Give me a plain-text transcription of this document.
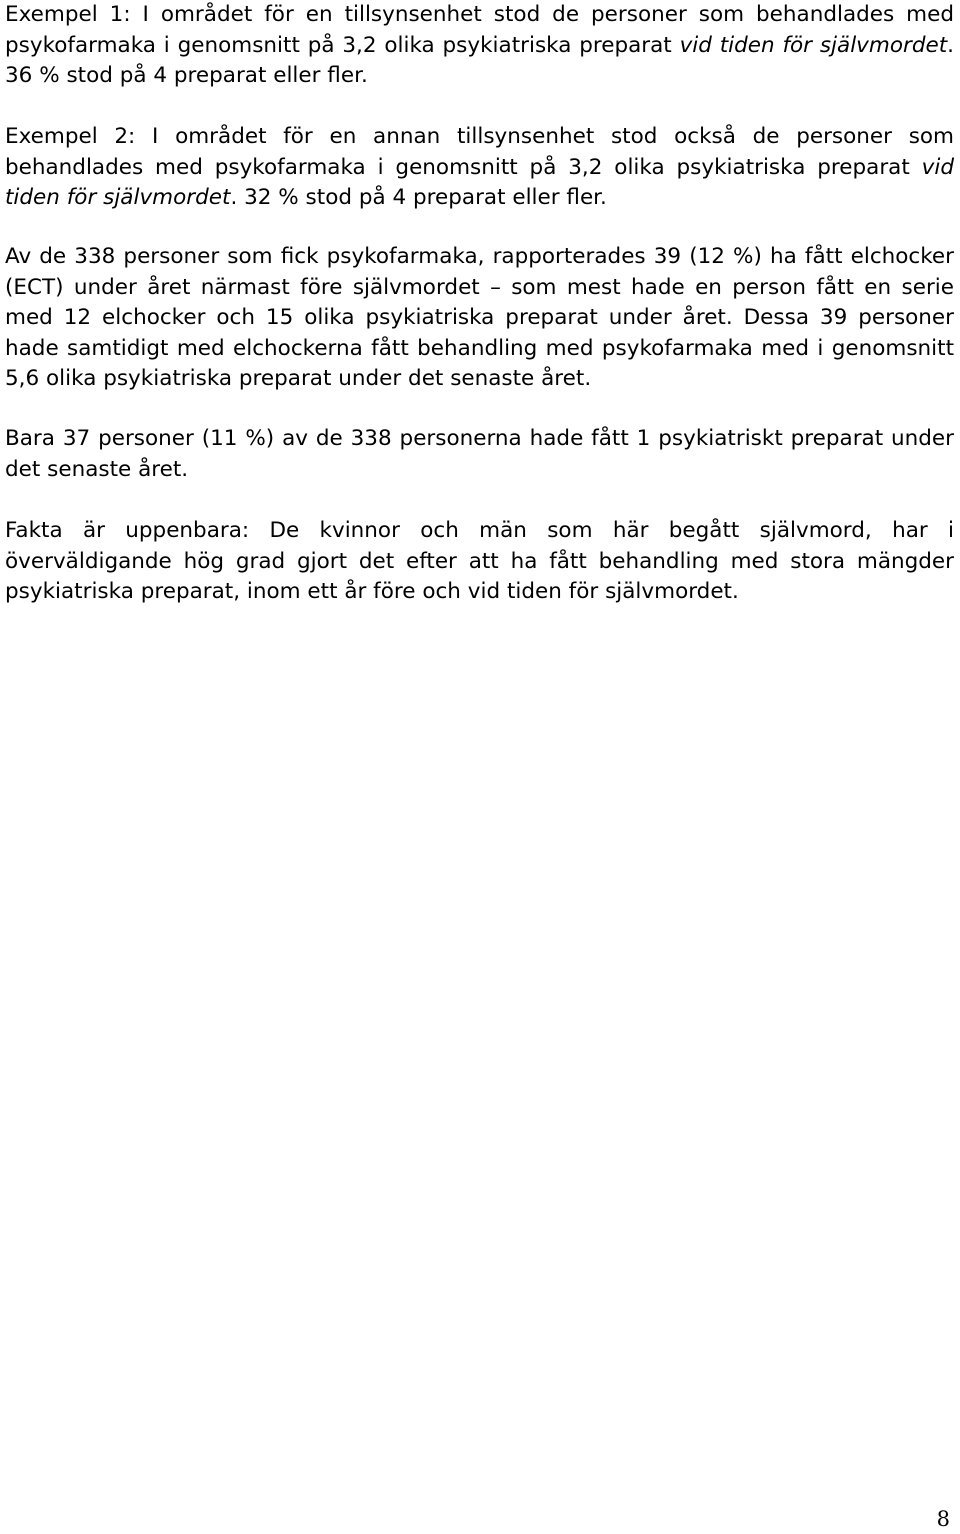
Exempel 1: I området för en tillsynsenhet stod de personer som behandlades med psykofarmaka i genomsnitt på 3,2 olika psykiatriska preparat vid tiden för självmordet. 36 % stod på 4 preparat eller fler.

Exempel 2: I området för en annan tillsynsenhet stod också de personer som behandlades med psykofarmaka i genomsnitt på 3,2 olika psykiatriska preparat vid tiden för självmordet. 32 % stod på 4 preparat eller fler.

Av de 338 personer som fick psykofarmaka, rapporterades 39 (12 %) ha fått elchocker (ECT) under året närmast före självmordet – som mest hade en person fått en serie med 12 elchocker och 15 olika psykiatriska preparat under året. Dessa 39 personer hade samtidigt med elchockerna fått behandling med psykofarmaka med i genomsnitt 5,6 olika psykiatriska preparat under det senaste året.

Bara 37 personer (11 %) av de 338 personerna hade fått 1 psykiatriskt preparat under det senaste året.

Fakta är uppenbara: De kvinnor och män som här begått självmord, har i överväldigande hög grad gjort det efter att ha fått behandling med stora mängder psykiatriska preparat, inom ett år före och vid tiden för självmordet.

8
